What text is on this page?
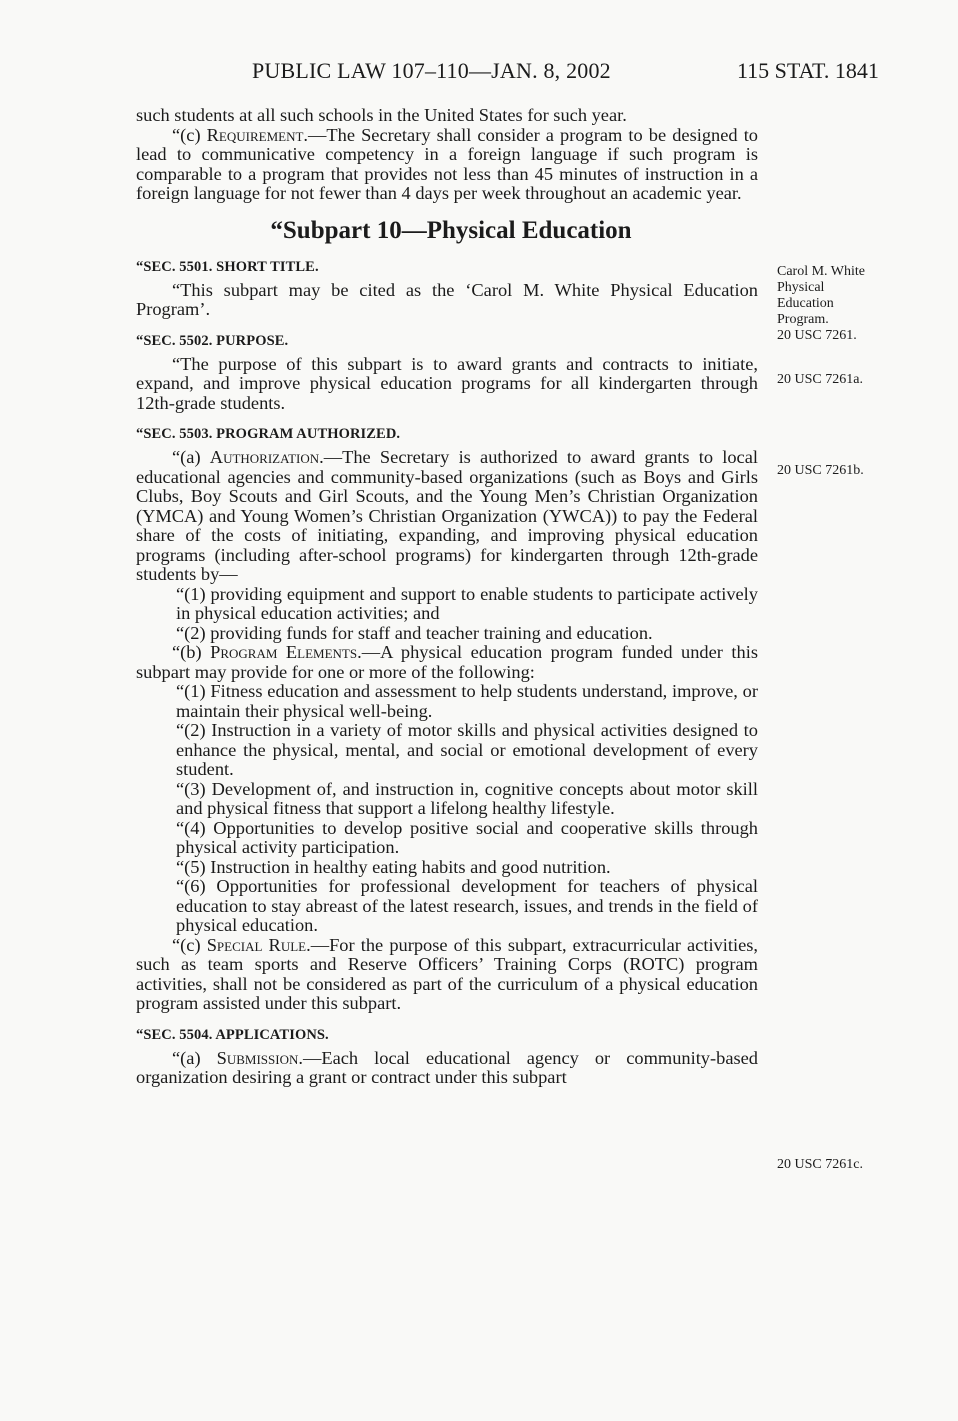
PUBLIC LAW 107–110—JAN. 8, 2002	115 STAT. 1841

such students at all such schools in the United States for such year.

“(c) Requirement.—The Secretary shall consider a program to be designed to lead to communicative competency in a foreign language if such program is comparable to a program that provides not less than 45 minutes of instruction in a foreign language for not fewer than 4 days per week throughout an academic year.

“Subpart 10—Physical Education
“SEC. 5501. SHORT TITLE.

“This subpart may be cited as the ‘Carol M. White Physical Education Program’.

“SEC. 5502. PURPOSE.

“The purpose of this subpart is to award grants and contracts to initiate, expand, and improve physical education programs for all kindergarten through 12th-grade students.

“SEC. 5503. PROGRAM AUTHORIZED.

“(a) Authorization.—The Secretary is authorized to award grants to local educational agencies and community-based organizations (such as Boys and Girls Clubs, Boy Scouts and Girl Scouts, and the Young Men’s Christian Organization (YMCA) and Young Women’s Christian Organization (YWCA)) to pay the Federal share of the costs of initiating, expanding, and improving physical education programs (including after-school programs) for kindergarten through 12th-grade students by—

“(1) providing equipment and support to enable students to participate actively in physical education activities; and

“(2) providing funds for staff and teacher training and education.

“(b) Program Elements.—A physical education program funded under this subpart may provide for one or more of the following:

“(1) Fitness education and assessment to help students understand, improve, or maintain their physical well-being.

“(2) Instruction in a variety of motor skills and physical activities designed to enhance the physical, mental, and social or emotional development of every student.

“(3) Development of, and instruction in, cognitive concepts about motor skill and physical fitness that support a lifelong healthy lifestyle.

“(4) Opportunities to develop positive social and cooperative skills through physical activity participation.

“(5) Instruction in healthy eating habits and good nutrition.

“(6) Opportunities for professional development for teachers of physical education to stay abreast of the latest research, issues, and trends in the field of physical education.

“(c) Special Rule.—For the purpose of this subpart, extracurricular activities, such as team sports and Reserve Officers’ Training Corps (ROTC) program activities, shall not be considered as part of the curriculum of a physical education program assisted under this subpart.

“SEC. 5504. APPLICATIONS.

“(a) Submission.—Each local educational agency or community-based organization desiring a grant or contract under this subpart

Carol M. White
Physical
Education
Program.
20 USC 7261.
20 USC 7261a.
20 USC 7261b.
20 USC 7261c.
